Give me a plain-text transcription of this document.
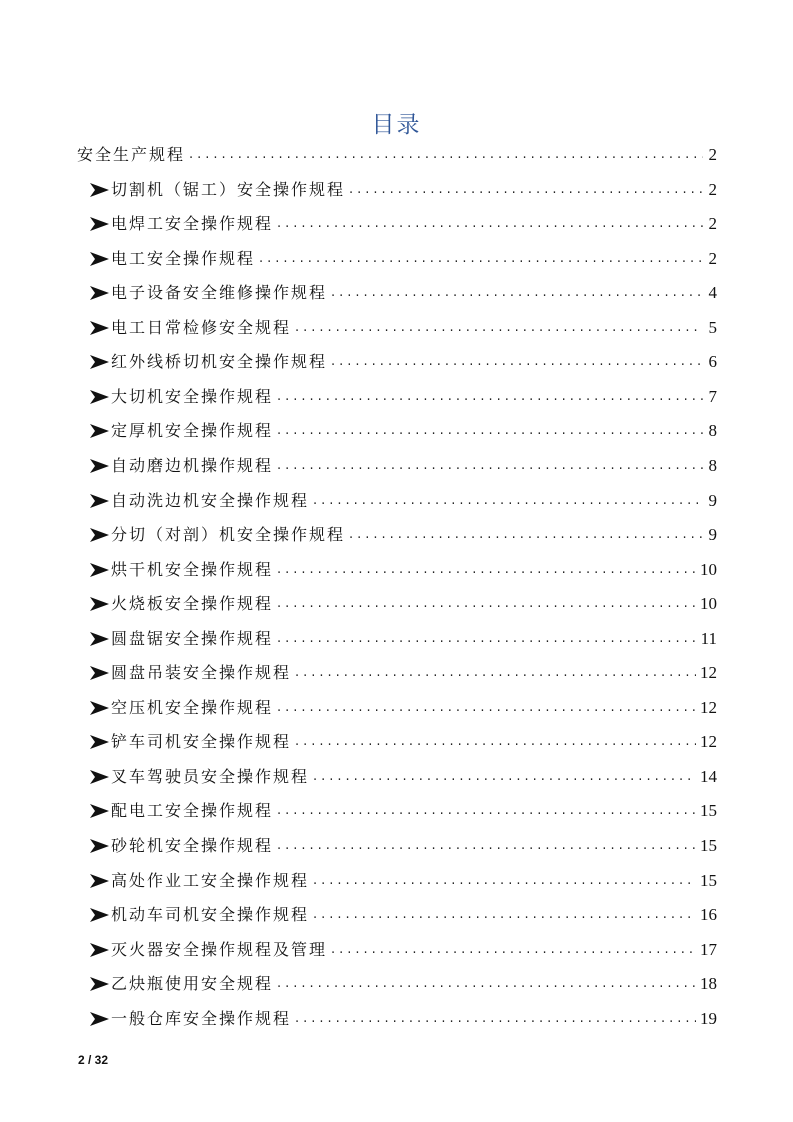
目录
安全生产规程 .....	2
切割机（锯工）安全操作规程 .....	2
电焊工安全操作规程 .....	2
电工安全操作规程 .....	2
电子设备安全维修操作规程 .....	4
电工日常检修安全规程 .....	5
红外线桥切机安全操作规程 .....	6
大切机安全操作规程 .....	7
定厚机安全操作规程 .....	8
自动磨边机操作规程 .....	8
自动洗边机安全操作规程 .....	9
分切（对剖）机安全操作规程 .....	9
烘干机安全操作规程 .....	10
火烧板安全操作规程 .....	10
圆盘锯安全操作规程 .....	11
圆盘吊装安全操作规程 .....	12
空压机安全操作规程 .....	12
铲车司机安全操作规程 .....	12
叉车驾驶员安全操作规程 .....	14
配电工安全操作规程 .....	15
砂轮机安全操作规程 .....	15
高处作业工安全操作规程 .....	15
机动车司机安全操作规程 .....	16
灭火器安全操作规程及管理 .....	17
乙炔瓶使用安全规程 .....	18
一般仓库安全操作规程 .....	19
2 / 32
